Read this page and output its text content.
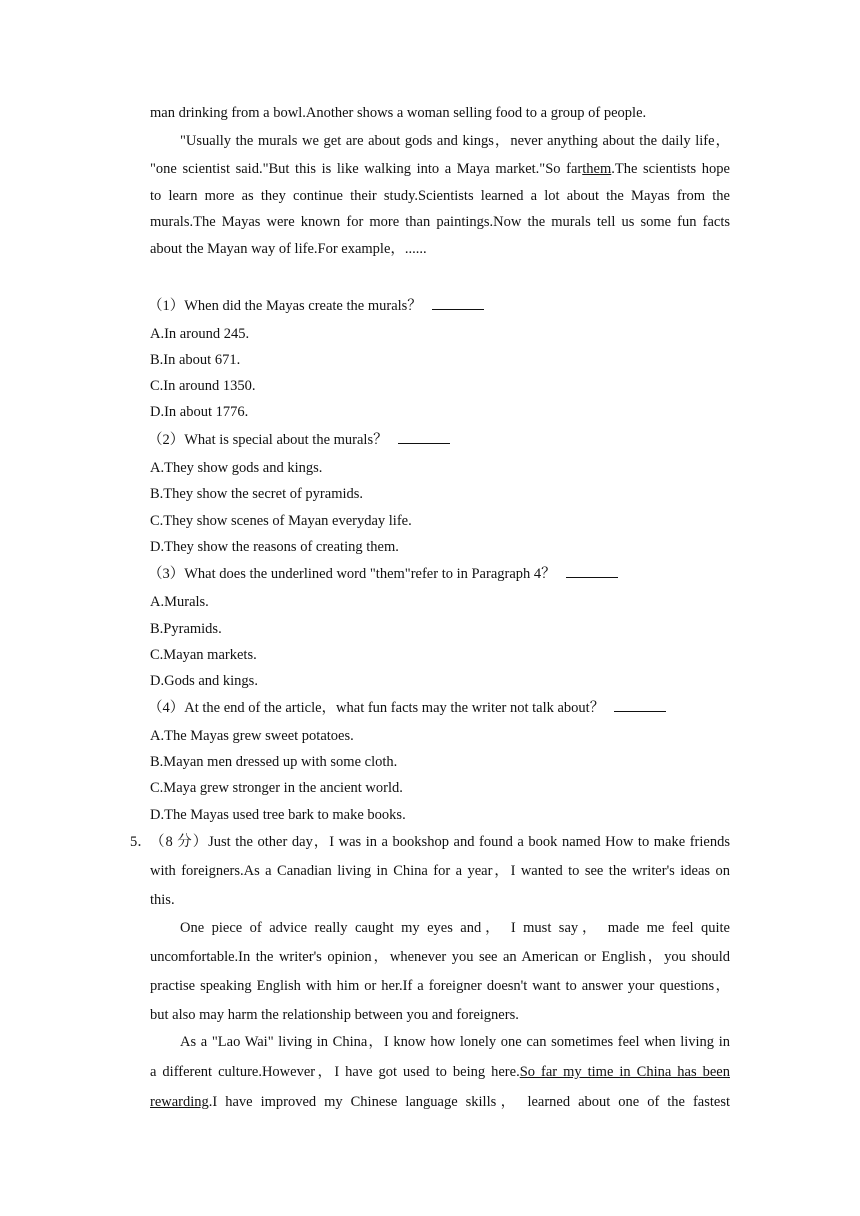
man drinking from a bowl.Another shows a woman selling food to a group of people.
"Usually the murals we get are about gods and kings，never anything about the daily life，
"one scientist said."But this is like walking into a Maya market."So farthem.The scientists hope
to learn more as they continue their study.Scientists learned a lot about the Mayas from the
murals.The Mayas were known for more than paintings.Now the murals tell us some fun facts
about the Mayan way of life.For example，......
（1）When did the Mayas create the murals？
A.In around 245.
B.In about 671.
C.In around 1350.
D.In about 1776.
（2）What is special about the murals？
A.They show gods and kings.
B.They show the secret of pyramids.
C.They show scenes of Mayan everyday life.
D.They show the reasons of creating them.
（3）What does the underlined word "them"refer to in Paragraph 4？
A.Murals.
B.Pyramids.
C.Mayan markets.
D.Gods and kings.
（4）At the end of the article，what fun facts may the writer not talk about？
A.The Mayas grew sweet potatoes.
B.Mayan men dressed up with some cloth.
C.Maya grew stronger in the ancient world.
D.The Mayas used tree bark to make books.
5．
（8 分）Just the other day，I was in a bookshop and found a book named How to make friends
with foreigners.As a Canadian living in China for a year，I wanted to see the writer's ideas on
this.
One piece of advice really caught my eyes and， I must say， made me feel quite
uncomfortable.In the writer's opinion，whenever you see an American or English，you should
practise speaking English with him or her.If a foreigner doesn't want to answer your questions，
but also may harm the relationship between you and foreigners.
As a "Lao Wai" living in China，I know how lonely one can sometimes feel when living in
a different culture.However，I have got used to being here.So far my time in China has been
rewarding.I have improved my Chinese language skills， learned about one of the fastest
